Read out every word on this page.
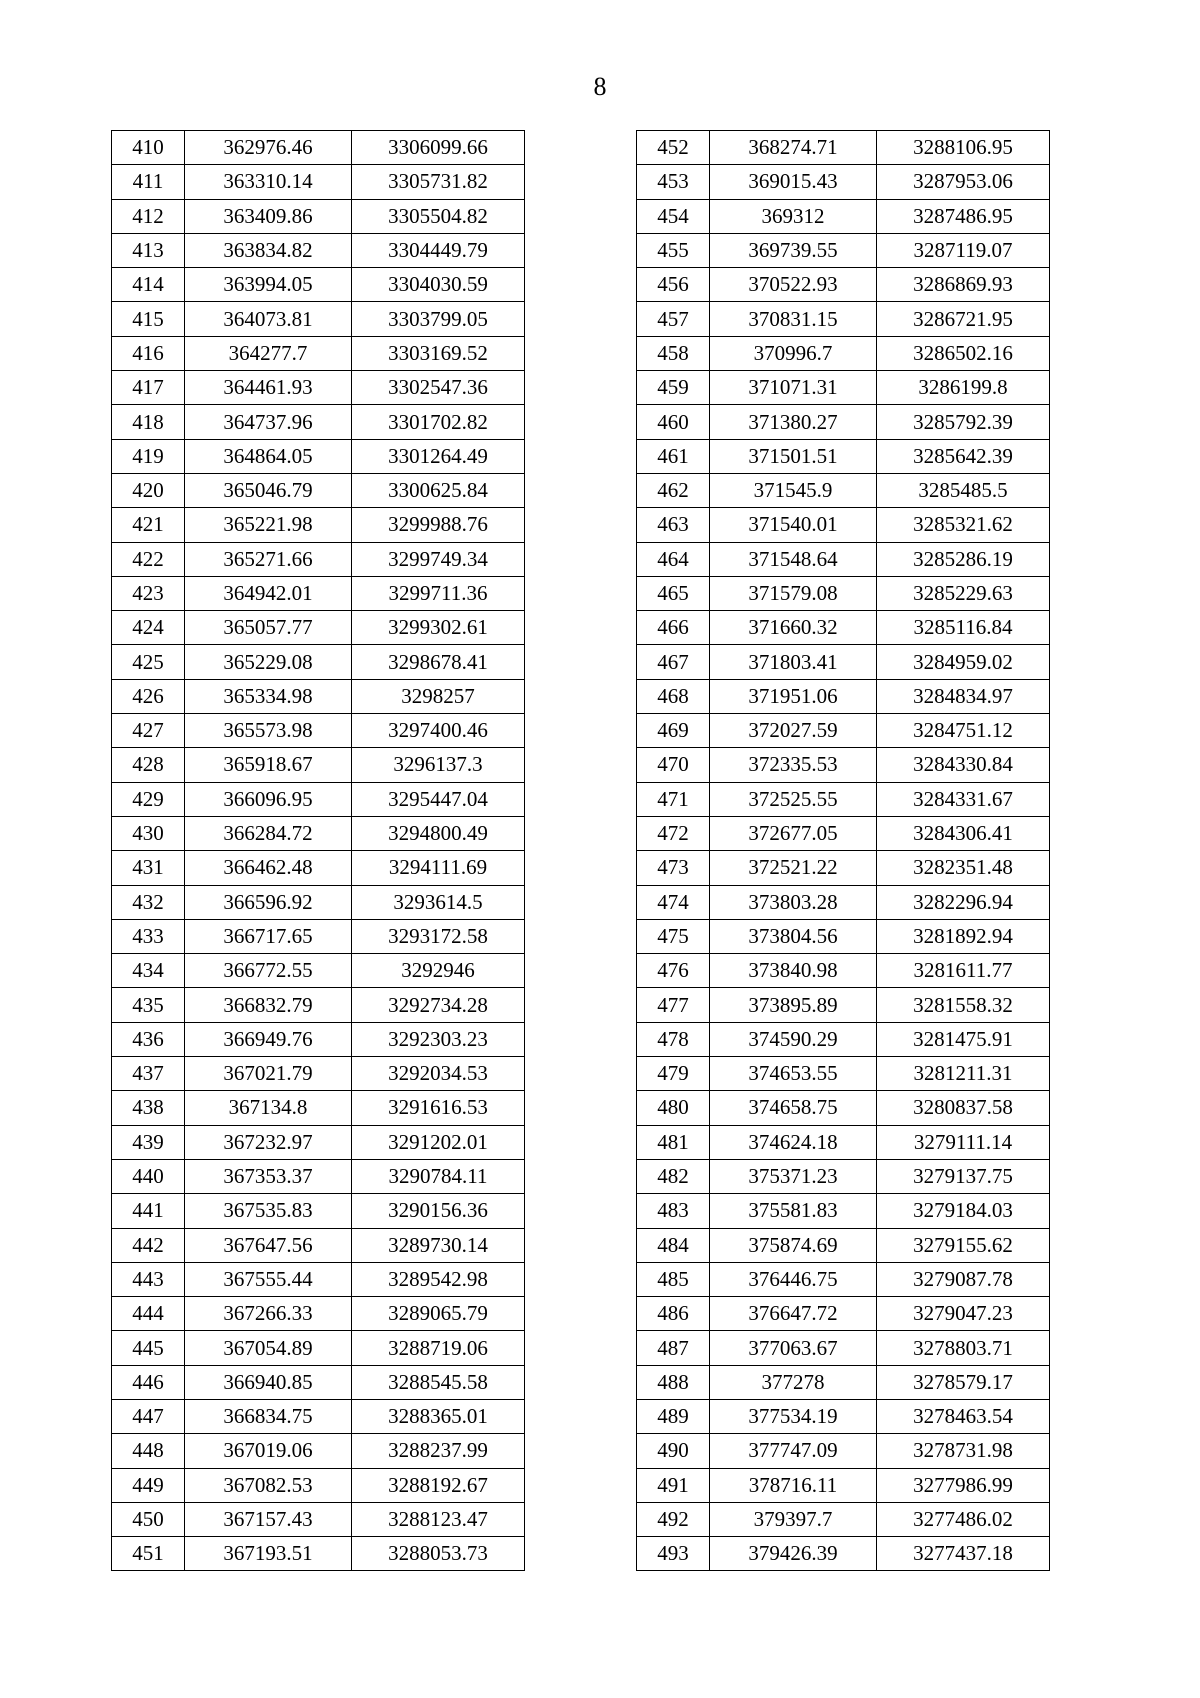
8
410	362976.46	3306099.66
411	363310.14	3305731.82
412	363409.86	3305504.82
413	363834.82	3304449.79
414	363994.05	3304030.59
415	364073.81	3303799.05
416	364277.7	3303169.52
417	364461.93	3302547.36
418	364737.96	3301702.82
419	364864.05	3301264.49
420	365046.79	3300625.84
421	365221.98	3299988.76
422	365271.66	3299749.34
423	364942.01	3299711.36
424	365057.77	3299302.61
425	365229.08	3298678.41
426	365334.98	3298257
427	365573.98	3297400.46
428	365918.67	3296137.3
429	366096.95	3295447.04
430	366284.72	3294800.49
431	366462.48	3294111.69
432	366596.92	3293614.5
433	366717.65	3293172.58
434	366772.55	3292946
435	366832.79	3292734.28
436	366949.76	3292303.23
437	367021.79	3292034.53
438	367134.8	3291616.53
439	367232.97	3291202.01
440	367353.37	3290784.11
441	367535.83	3290156.36
442	367647.56	3289730.14
443	367555.44	3289542.98
444	367266.33	3289065.79
445	367054.89	3288719.06
446	366940.85	3288545.58
447	366834.75	3288365.01
448	367019.06	3288237.99
449	367082.53	3288192.67
450	367157.43	3288123.47
451	367193.51	3288053.73
452	368274.71	3288106.95
453	369015.43	3287953.06
454	369312	3287486.95
455	369739.55	3287119.07
456	370522.93	3286869.93
457	370831.15	3286721.95
458	370996.7	3286502.16
459	371071.31	3286199.8
460	371380.27	3285792.39
461	371501.51	3285642.39
462	371545.9	3285485.5
463	371540.01	3285321.62
464	371548.64	3285286.19
465	371579.08	3285229.63
466	371660.32	3285116.84
467	371803.41	3284959.02
468	371951.06	3284834.97
469	372027.59	3284751.12
470	372335.53	3284330.84
471	372525.55	3284331.67
472	372677.05	3284306.41
473	372521.22	3282351.48
474	373803.28	3282296.94
475	373804.56	3281892.94
476	373840.98	3281611.77
477	373895.89	3281558.32
478	374590.29	3281475.91
479	374653.55	3281211.31
480	374658.75	3280837.58
481	374624.18	3279111.14
482	375371.23	3279137.75
483	375581.83	3279184.03
484	375874.69	3279155.62
485	376446.75	3279087.78
486	376647.72	3279047.23
487	377063.67	3278803.71
488	377278	3278579.17
489	377534.19	3278463.54
490	377747.09	3278731.98
491	378716.11	3277986.99
492	379397.7	3277486.02
493	379426.39	3277437.18
